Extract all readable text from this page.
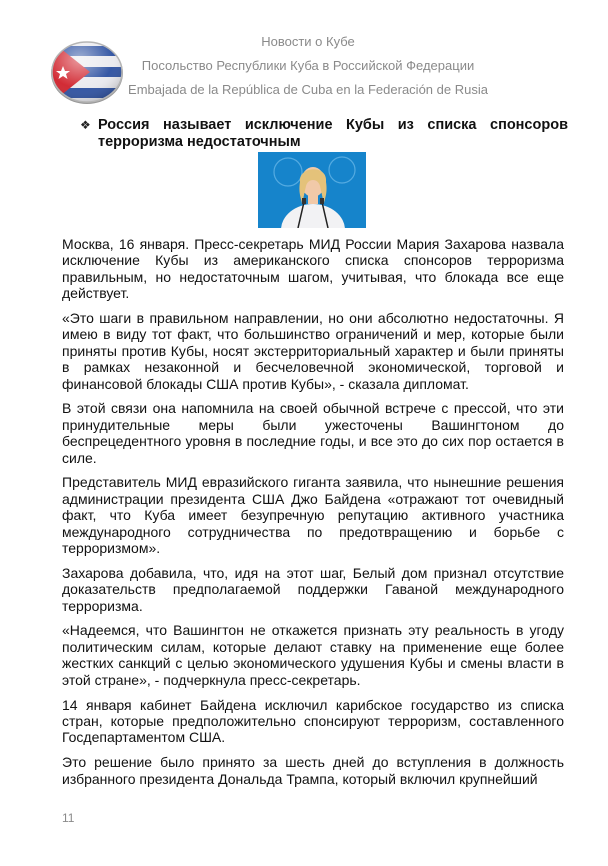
Новости о Кубе
Посольство Республики Куба в Российской Федерации
Embajada de la República de Cuba en la Federación de Rusia
❖ Россия называет исключение Кубы из списка спонсоров терроризма недостаточным

Москва, 16 января. Пресс-секретарь МИД России Мария Захарова назвала исключение Кубы из американского списка спонсоров терроризма правильным, но недостаточным шагом, учитывая, что блокада все еще действует.

«Это шаги в правильном направлении, но они абсолютно недостаточны. Я имею в виду тот факт, что большинство ограничений и мер, которые были приняты против Кубы, носят экстерриториальный характер и были приняты в рамках незаконной и бесчеловечной экономической, торговой и финансовой блокады США против Кубы», - сказала дипломат.

В этой связи она напомнила на своей обычной встрече с прессой, что эти принудительные меры были ужесточены Вашингтоном до беспрецедентного уровня в последние годы, и все это до сих пор остается в силе.

Представитель МИД евразийского гиганта заявила, что нынешние решения администрации президента США Джо Байдена «отражают тот очевидный факт, что Куба имеет безупречную репутацию активного участника международного сотрудничества по предотвращению и борьбе с терроризмом».

Захарова добавила, что, идя на этот шаг, Белый дом признал отсутствие доказательств предполагаемой поддержки Гаваной международного терроризма.

«Надеемся, что Вашингтон не откажется признать эту реальность в угоду политическим силам, которые делают ставку на применение еще более жестких санкций с целью экономического удушения Кубы и смены власти в этой стране», - подчеркнула пресс-секретарь.

14 января кабинет Байдена исключил карибское государство из списка стран, которые предположительно спонсируют терроризм, составленного Госдепартаментом США.

Это решение было принято за шесть дней до вступления в должность избранного президента Дональда Трампа, который включил крупнейший

11
